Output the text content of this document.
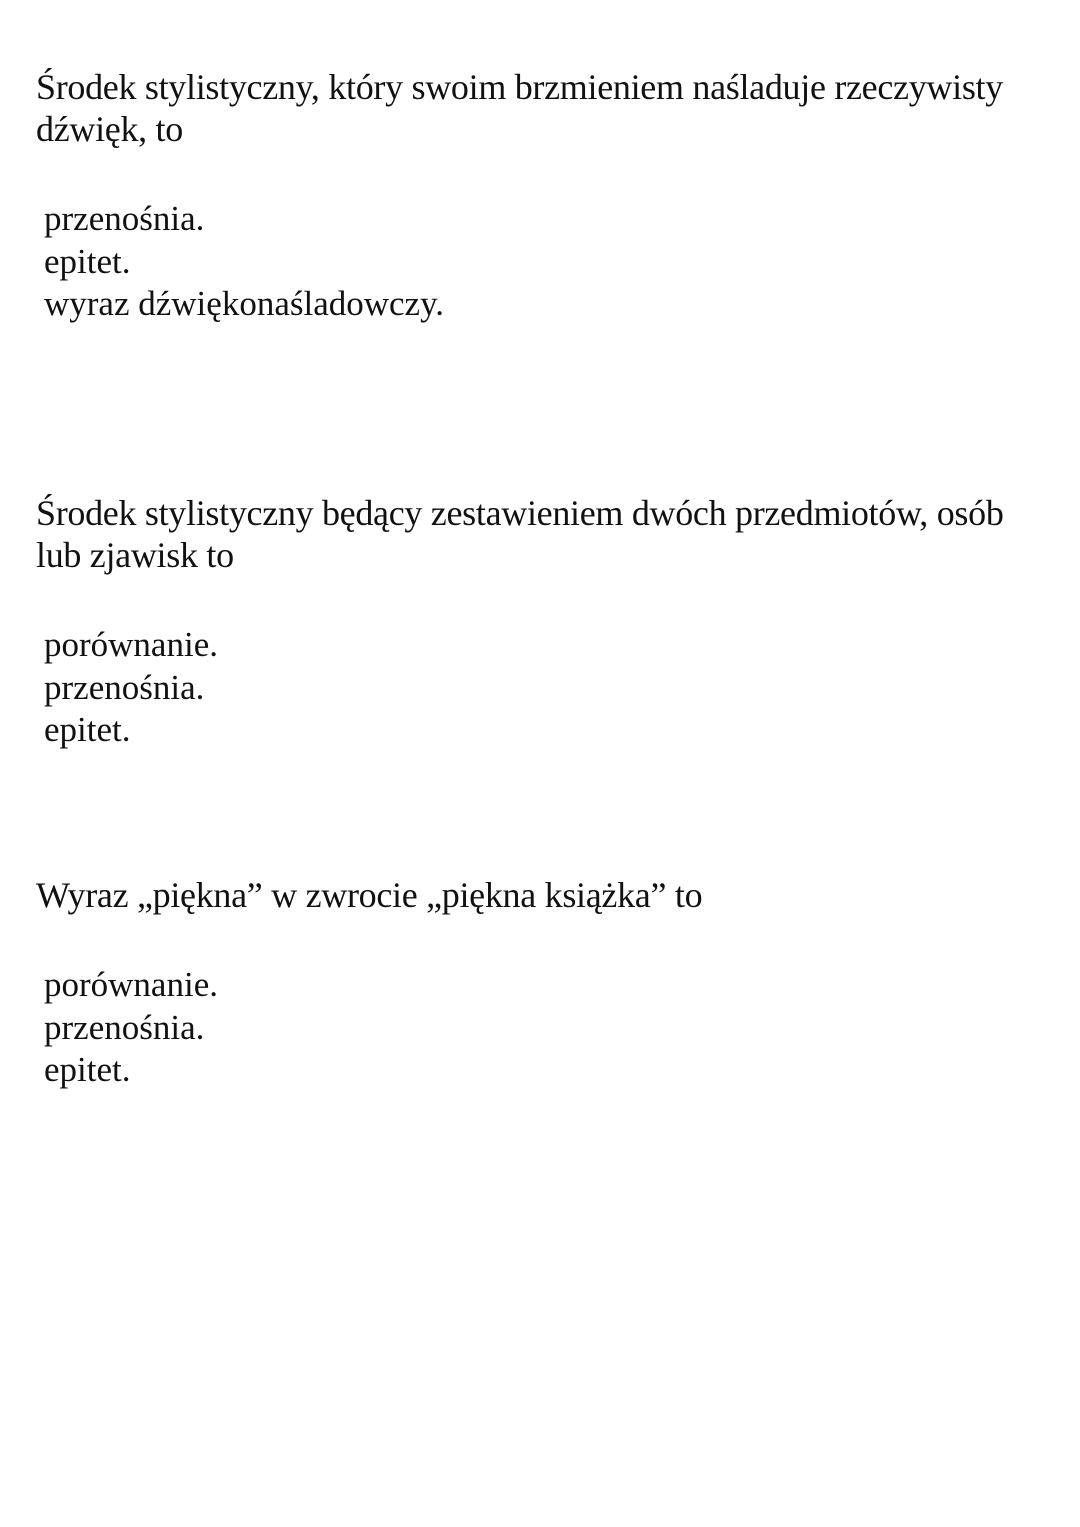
Środek stylistyczny, który swoim brzmieniem naśladuje rzeczywisty dźwięk, to

przenośnia.
epitet.
wyraz dźwiękonaśladowczy.

Środek stylistyczny będący zestawieniem dwóch przedmiotów, osób lub zjawisk to

porównanie.
przenośnia.
epitet.

Wyraz „piękna” w zwrocie „piękna książka” to

porównanie.
przenośnia.
epitet.
